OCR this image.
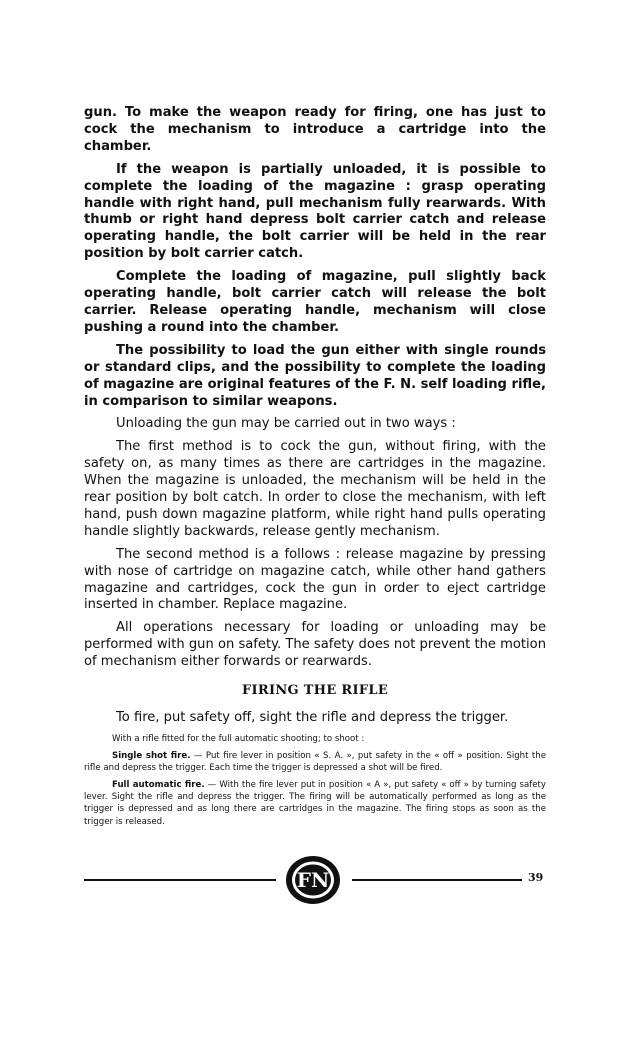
gun. To make the weapon ready for firing, one has just to cock the mechanism to introduce a cartridge into the chamber.

If the weapon is partially unloaded, it is possible to complete the loading of the magazine : grasp operating handle with right hand, pull mechanism fully rearwards. With thumb or right hand depress bolt carrier catch and release operating handle, the bolt carrier will be held in the rear position by bolt carrier catch.

Complete the loading of magazine, pull slightly back operating handle, bolt carrier catch will release the bolt carrier. Release operating handle, mechanism will close pushing a round into the chamber.

The possibility to load the gun either with single rounds or standard clips, and the possibility to complete the loading of magazine are original features of the F. N. self loading rifle, in comparison to similar weapons.

Unloading the gun may be carried out in two ways :

The first method is to cock the gun, without firing, with the safety on, as many times as there are cartridges in the magazine. When the magazine is unloaded, the mechanism will be held in the rear position by bolt catch. In order to close the mechanism, with left hand, push down magazine platform, while right hand pulls operating handle slightly backwards, release gently mechanism.

The second method is a follows : release magazine by pressing with nose of cartridge on magazine catch, while other hand gathers magazine and cartridges, cock the gun in order to eject cartridge inserted in chamber. Replace magazine.

All operations necessary for loading or unloading may be performed with gun on safety. The safety does not prevent the motion of mechanism either forwards or rearwards.

FIRING THE RIFLE

To fire, put safety off, sight the rifle and depress the trigger.

With a rifle fitted for the full automatic shooting; to shoot :

Single shot fire. — Put fire lever in position « S. A. », put safety in the « off » position. Sight the rifle and depress the trigger. Each time the trigger is depressed a shot will be fired.

Full automatic fire. — With the fire lever put in position « A », put safety « off » by turning safety lever. Sight the rifle and depress the trigger. The firing will be automatically performed as long as the trigger is depressed and as long there are cartridges in the magazine. The firing stops as soon as the trigger is released.

FN	39
